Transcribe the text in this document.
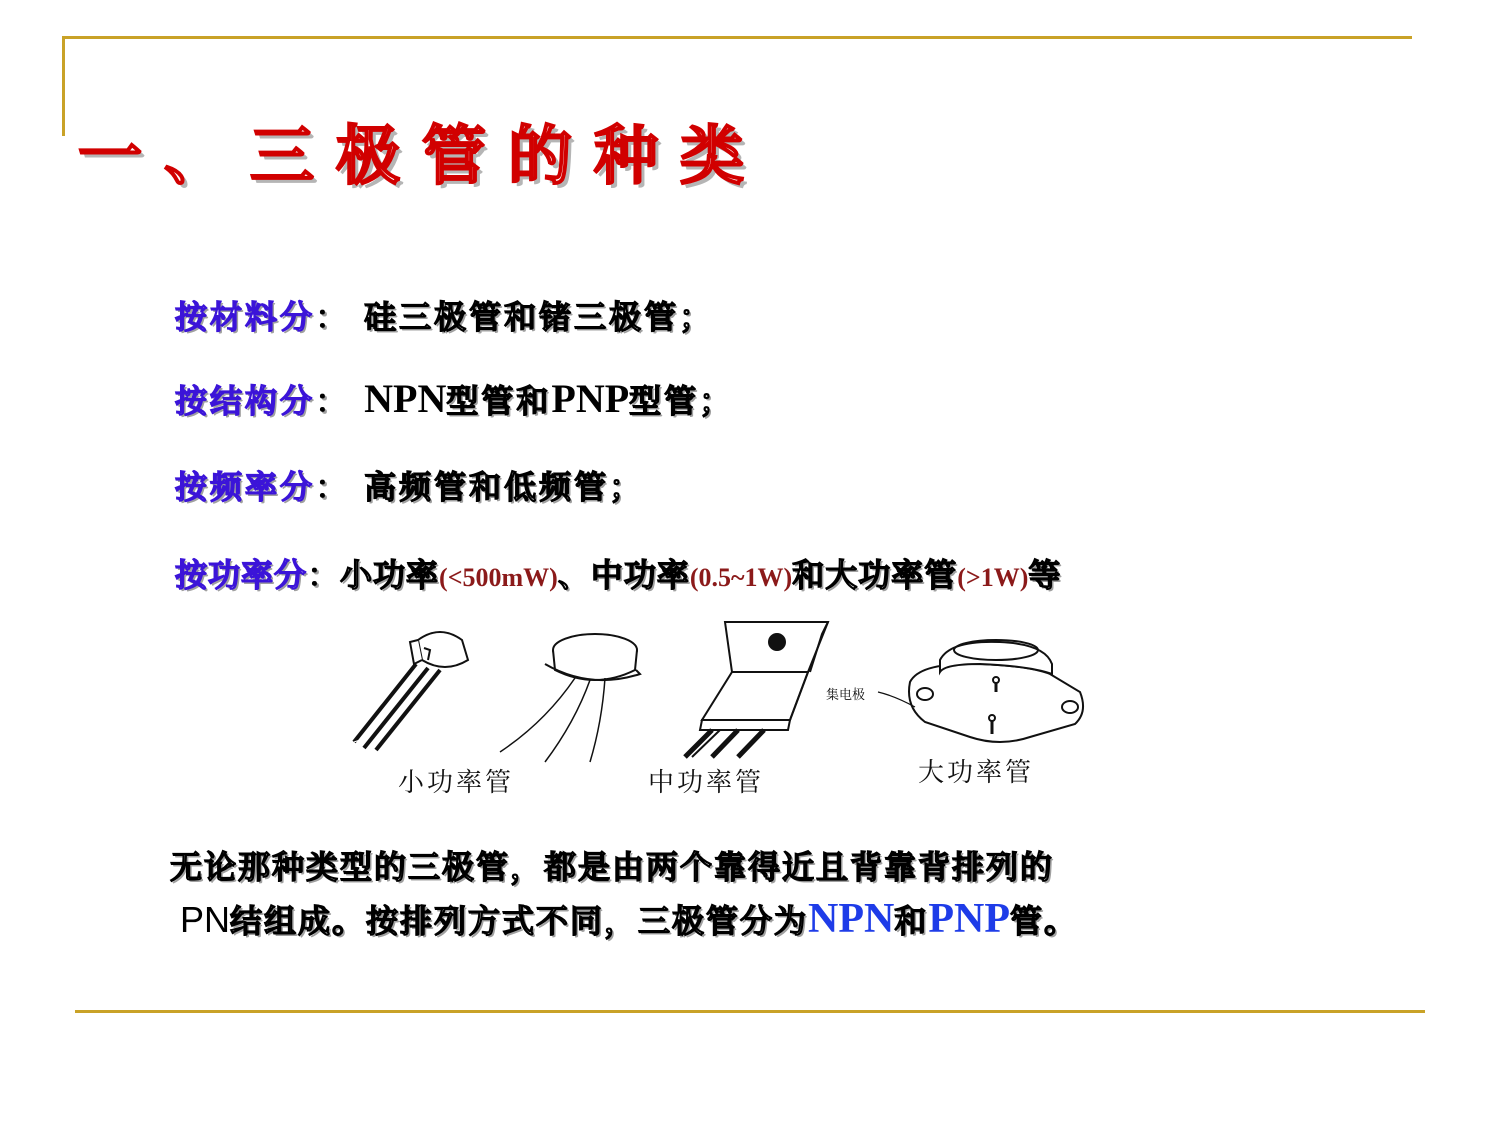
一、三极管的种类
按材料分： 硅三极管和锗三极管；
按结构分： NPN型管和PNP型管；
按频率分： 高频管和低频管；
按功率分：小功率(<500mW)、中功率(0.5~1W)和大功率管(>1W)等
集电极
小功率管	中功率管	大功率管
无论那种类型的三极管，都是由两个靠得近且背靠背排列的
PN结组成。按排列方式不同，三极管分为NPN和PNP管。
